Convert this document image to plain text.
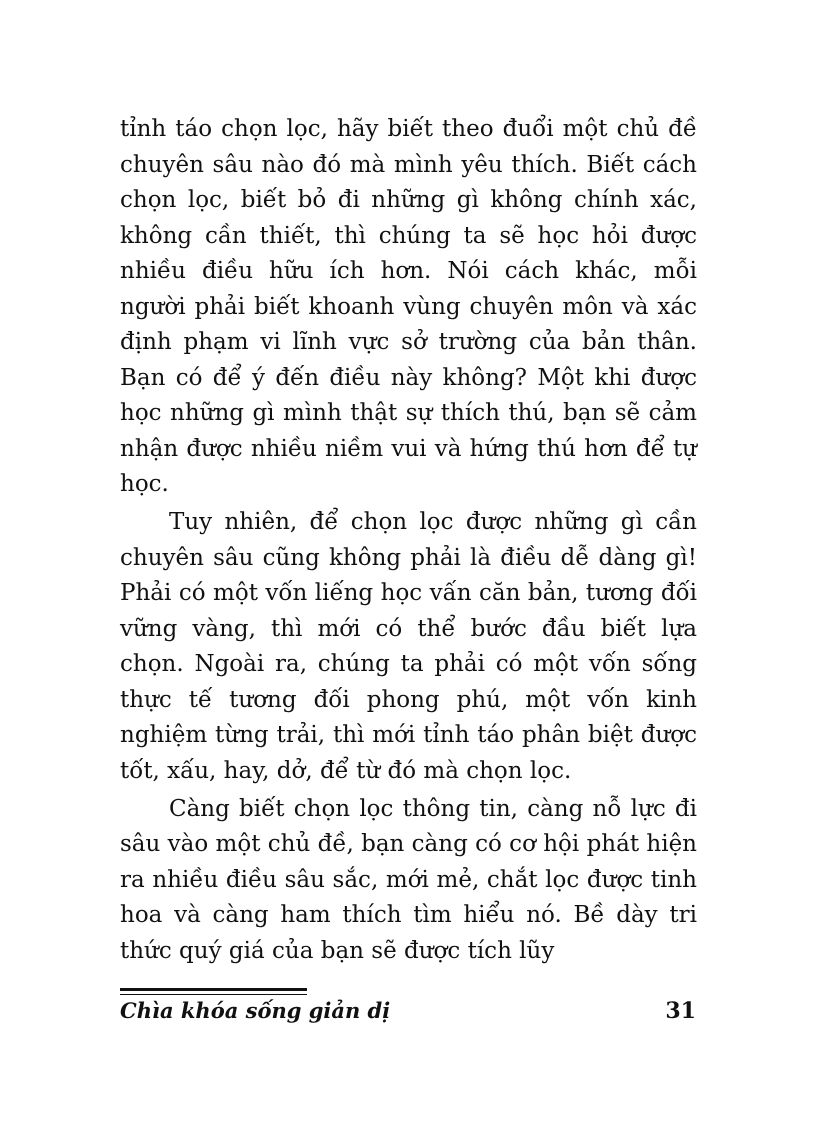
tỉnh táo chọn lọc, hãy biết theo đuổi một chủ đề chuyên sâu nào đó mà mình yêu thích. Biết cách chọn lọc, biết bỏ đi những gì không chính xác, không cần thiết, thì chúng ta sẽ học hỏi được nhiều điều hữu ích hơn. Nói cách khác, mỗi người phải biết khoanh vùng chuyên môn và xác định phạm vi lĩnh vực sở trường của bản thân. Bạn có để ý đến điều này không? Một khi được học những gì mình thật sự thích thú, bạn sẽ cảm nhận được nhiều niềm vui và hứng thú hơn để tự học.

Tuy nhiên, để chọn lọc được những gì cần chuyên sâu cũng không phải là điều dễ dàng gì! Phải có một vốn liếng học vấn căn bản, tương đối vững vàng, thì mới có thể bước đầu biết lựa chọn. Ngoài ra, chúng ta phải có một vốn sống thực tế tương đối phong phú, một vốn kinh nghiệm từng trải, thì mới tỉnh táo phân biệt được tốt, xấu, hay, dở, để từ đó mà chọn lọc.

Càng biết chọn lọc thông tin, càng nỗ lực đi sâu vào một chủ đề, bạn càng có cơ hội phát hiện ra nhiều điều sâu sắc, mới mẻ, chắt lọc được tinh hoa và càng ham thích tìm hiểu nó. Bề dày tri thức quý giá của bạn sẽ được tích lũy

Chìa khóa sống giản dị	31
